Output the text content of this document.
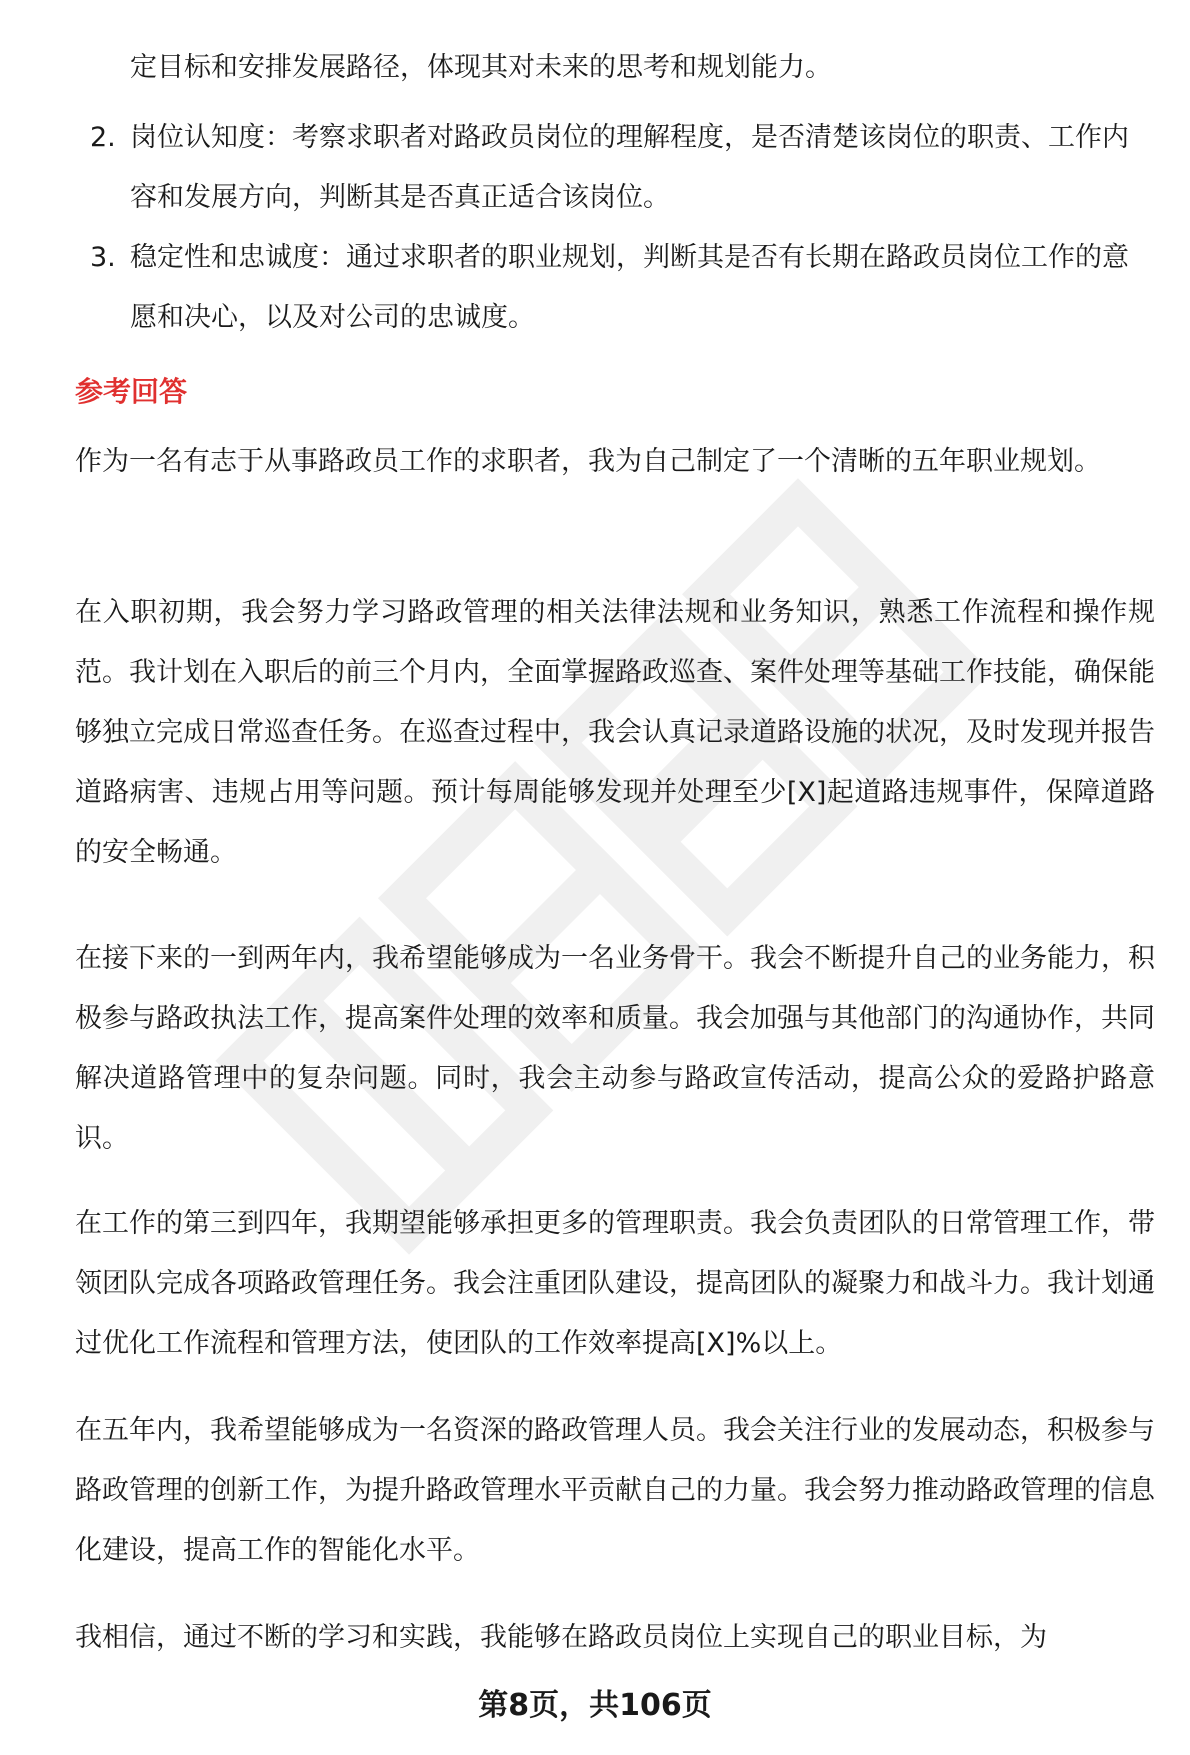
定目标和安排发展路径，体现其对未来的思考和规划能力。

2. 岗位认知度：考察求职者对路政员岗位的理解程度，是否清楚该岗位的职责、工作内容和发展方向，判断其是否真正适合该岗位。
3. 稳定性和忠诚度：通过求职者的职业规划，判断其是否有长期在路政员岗位工作的意愿和决心，以及对公司的忠诚度。
参考回答

作为一名有志于从事路政员工作的求职者，我为自己制定了一个清晰的五年职业规划。

在入职初期，我会努力学习路政管理的相关法律法规和业务知识，熟悉工作流程和操作规范。我计划在入职后的前三个月内，全面掌握路政巡查、案件处理等基础工作技能，确保能够独立完成日常巡查任务。在巡查过程中，我会认真记录道路设施的状况，及时发现并报告道路病害、违规占用等问题。预计每周能够发现并处理至少[X]起道路违规事件，保障道路的安全畅通。

在接下来的一到两年内，我希望能够成为一名业务骨干。我会不断提升自己的业务能力，积极参与路政执法工作，提高案件处理的效率和质量。我会加强与其他部门的沟通协作，共同解决道路管理中的复杂问题。同时，我会主动参与路政宣传活动，提高公众的爱路护路意识。

在工作的第三到四年，我期望能够承担更多的管理职责。我会负责团队的日常管理工作，带领团队完成各项路政管理任务。我会注重团队建设，提高团队的凝聚力和战斗力。我计划通过优化工作流程和管理方法，使团队的工作效率提高[X]%以上。

在五年内，我希望能够成为一名资深的路政管理人员。我会关注行业的发展动态，积极参与路政管理的创新工作，为提升路政管理水平贡献自己的力量。我会努力推动路政管理的信息化建设，提高工作的智能化水平。

我相信，通过不断的学习和实践，我能够在路政员岗位上实现自己的职业目标，为

第8页，共106页
